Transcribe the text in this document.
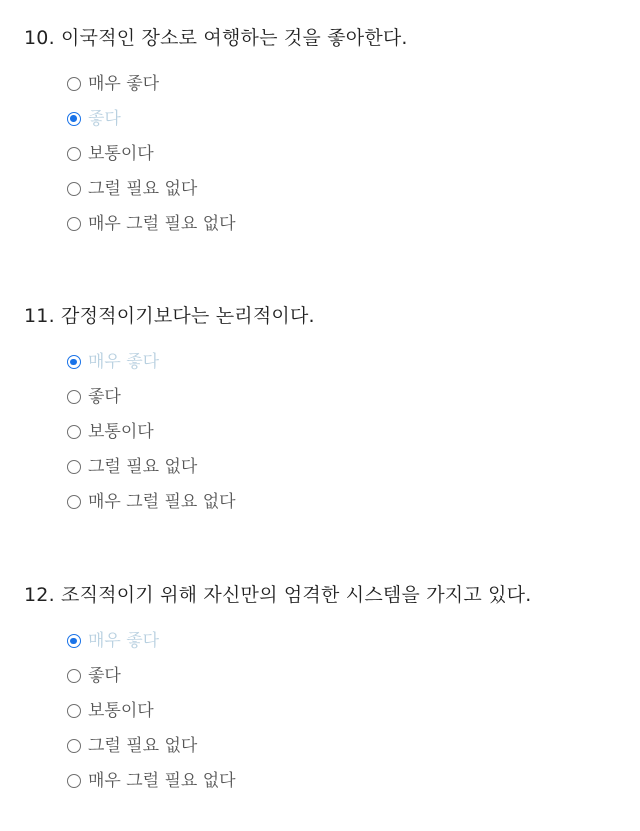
10. 이국적인 장소로 여행하는 것을 좋아한다.
매우 좋다
좋다
보통이다
그럴 필요 없다
매우 그럴 필요 없다
11. 감정적이기보다는 논리적이다.
매우 좋다
좋다
보통이다
그럴 필요 없다
매우 그럴 필요 없다
12. 조직적이기 위해 자신만의 엄격한 시스템을 가지고 있다.
매우 좋다
좋다
보통이다
그럴 필요 없다
매우 그럴 필요 없다
